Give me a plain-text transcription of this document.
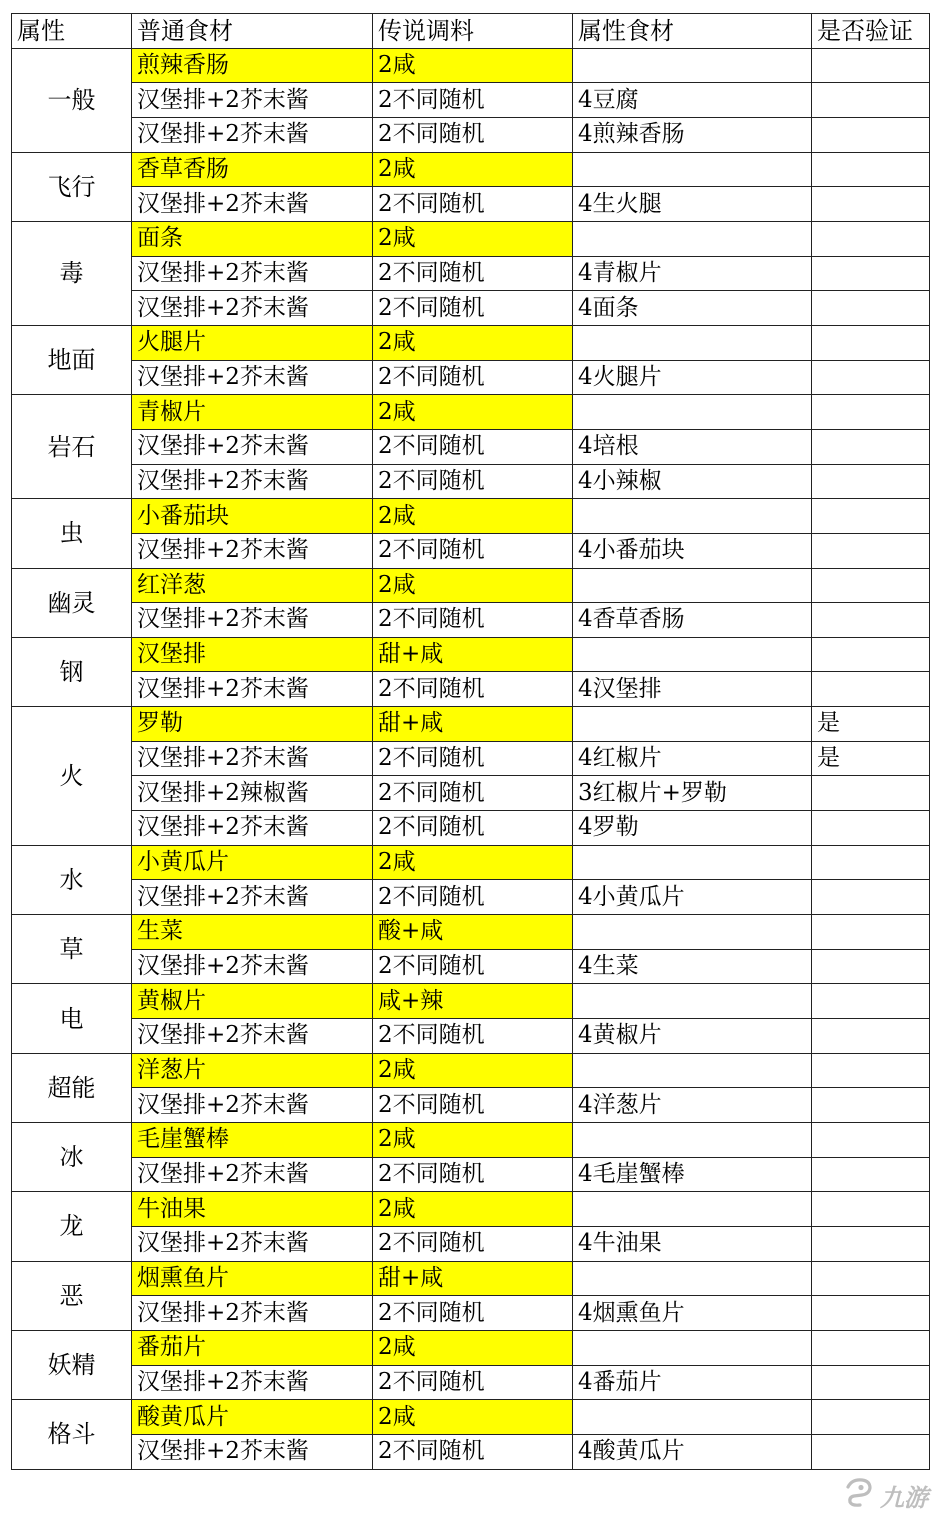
属性	普通食材	传说调料	属性食材	是否验证
一般	煎辣香肠	2咸		
	汉堡排+2芥末酱	2不同随机	4豆腐	
	汉堡排+2芥末酱	2不同随机	4煎辣香肠	
飞行	香草香肠	2咸		
	汉堡排+2芥末酱	2不同随机	4生火腿	
毒	面条	2咸		
	汉堡排+2芥末酱	2不同随机	4青椒片	
	汉堡排+2芥末酱	2不同随机	4面条	
地面	火腿片	2咸		
	汉堡排+2芥末酱	2不同随机	4火腿片	
岩石	青椒片	2咸		
	汉堡排+2芥末酱	2不同随机	4培根	
	汉堡排+2芥末酱	2不同随机	4小辣椒	
虫	小番茄块	2咸		
	汉堡排+2芥末酱	2不同随机	4小番茄块	
幽灵	红洋葱	2咸		
	汉堡排+2芥末酱	2不同随机	4香草香肠	
钢	汉堡排	甜+咸		
	汉堡排+2芥末酱	2不同随机	4汉堡排	
火	罗勒	甜+咸		是
	汉堡排+2芥末酱	2不同随机	4红椒片	是
	汉堡排+2辣椒酱	2不同随机	3红椒片+罗勒	
	汉堡排+2芥末酱	2不同随机	4罗勒	
水	小黄瓜片	2咸		
	汉堡排+2芥末酱	2不同随机	4小黄瓜片	
草	生菜	酸+咸		
	汉堡排+2芥末酱	2不同随机	4生菜	
电	黄椒片	咸+辣		
	汉堡排+2芥末酱	2不同随机	4黄椒片	
超能	洋葱片	2咸		
	汉堡排+2芥末酱	2不同随机	4洋葱片	
冰	毛崖蟹棒	2咸		
	汉堡排+2芥末酱	2不同随机	4毛崖蟹棒	
龙	牛油果	2咸		
	汉堡排+2芥末酱	2不同随机	4牛油果	
恶	烟熏鱼片	甜+咸		
	汉堡排+2芥末酱	2不同随机	4烟熏鱼片	
妖精	番茄片	2咸		
	汉堡排+2芥末酱	2不同随机	4番茄片	
格斗	酸黄瓜片	2咸		
	汉堡排+2芥末酱	2不同随机	4酸黄瓜片	
九游
